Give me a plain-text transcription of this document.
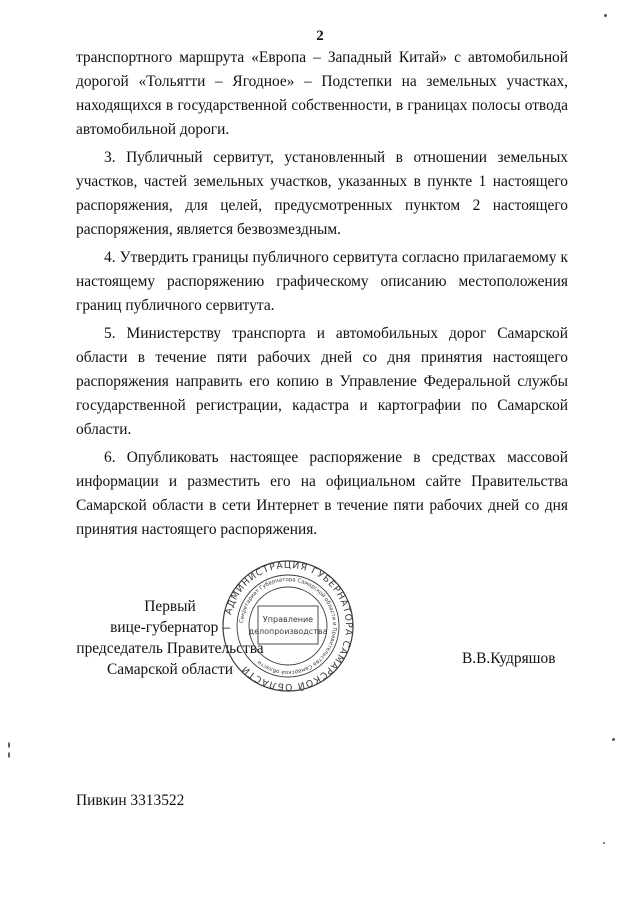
2

транспортного маршрута «Европа – Западный Китай» с автомобильной дорогой «Тольятти – Ягодное» – Подстепки на земельных участках, находящихся в государственной собственности, в границах полосы отвода автомобильной дороги.

3. Публичный сервитут, установленный в отношении земельных участков, частей земельных участков, указанных в пункте 1 настоящего распоряжения, для целей, предусмотренных пунктом 2 настоящего распоряжения, является безвозмездным.

4. Утвердить границы публичного сервитута согласно прилагаемому к настоящему распоряжению графическому описанию местоположения границ публичного сервитута.

5. Министерству транспорта и автомобильных дорог Самарской области в течение пяти рабочих дней со дня принятия настоящего распоряжения направить его копию в Управление Федеральной службы государственной регистрации, кадастра и картографии по Самарской области.

6. Опубликовать настоящее распоряжение в средствах массовой информации и разместить его на официальном сайте Правительства Самарской области в сети Интернет в течение пяти рабочих дней со дня принятия настоящего распоряжения.

Первый
вице-губернатор –
председатель Правительства
Самарской области
АДМИНИСТРАЦИЯ ГУБЕРНАТОРА САМАРСКОЙ ОБЛАСТИ
Секретариат Губернатора Самарской области и Правительства Самарской области
Управление
делопроизводства
В.В.Кудряшов
Пивкин 3313522
